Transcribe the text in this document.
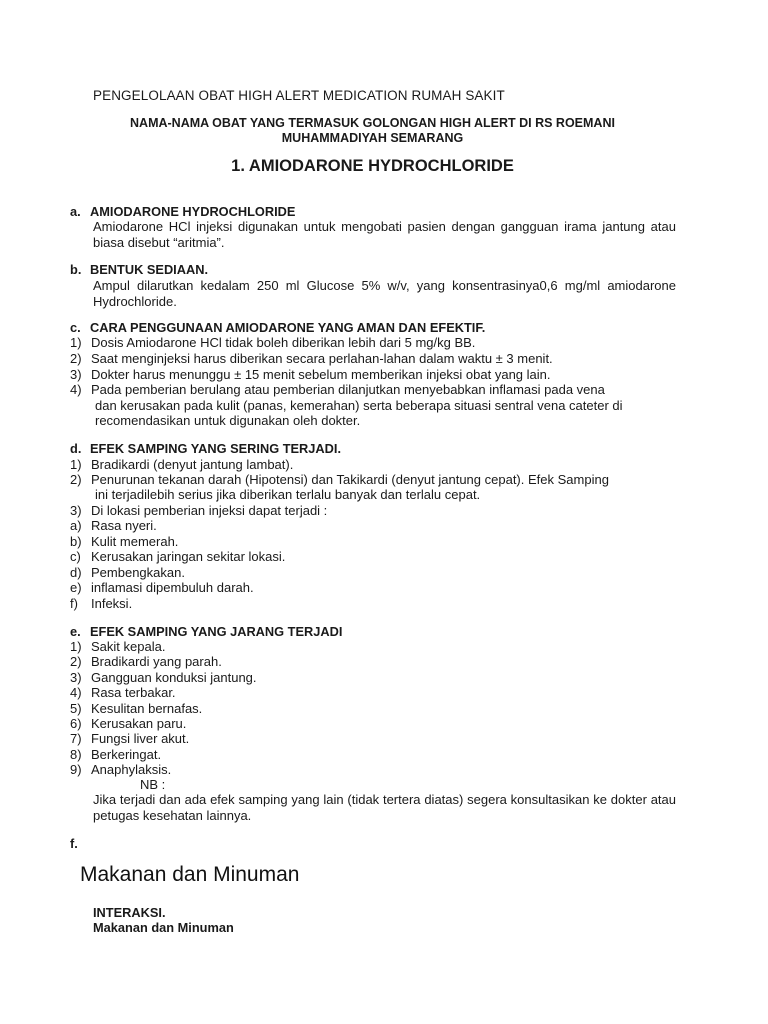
PENGELOLAAN OBAT HIGH ALERT MEDICATION RUMAH SAKIT
NAMA-NAMA OBAT YANG TERMASUK GOLONGAN HIGH ALERT DI RS ROEMANI
MUHAMMADIYAH SEMARANG
1. AMIODARONE HYDROCHLORIDE
a. AMIODARONE HYDROCHLORIDE
Amiodarone HCl injeksi digunakan untuk mengobati pasien dengan gangguan irama jantung atau biasa disebut “aritmia”.
b. BENTUK SEDIAAN.
Ampul dilarutkan kedalam 250 ml Glucose 5% w/v, yang konsentrasinya0,6 mg/ml amiodarone Hydrochloride.
c. CARA PENGGUNAAN AMIODARONE YANG AMAN DAN EFEKTIF.
1) Dosis Amiodarone HCl tidak boleh diberikan lebih dari 5 mg/kg BB.
2) Saat menginjeksi harus diberikan secara perlahan-lahan dalam waktu ± 3 menit.
3) Dokter harus menunggu ± 15 menit sebelum memberikan injeksi obat yang lain.
4) Pada pemberian berulang atau pemberian dilanjutkan menyebabkan inflamasi pada vena
dan kerusakan pada kulit (panas, kemerahan) serta beberapa situasi sentral vena cateter di
recomendasikan untuk digunakan oleh dokter.
d. EFEK SAMPING YANG SERING TERJADI.
1) Bradikardi (denyut jantung lambat).
2) Penurunan tekanan darah (Hipotensi) dan Takikardi (denyut jantung cepat). Efek Samping
ini terjadilebih serius jika diberikan terlalu banyak dan terlalu cepat.
3) Di lokasi pemberian injeksi dapat terjadi :
a) Rasa nyeri.
b) Kulit memerah.
c) Kerusakan jaringan sekitar lokasi.
d) Pembengkakan.
e) inflamasi dipembuluh darah.
f)	Infeksi.
e. EFEK SAMPING YANG JARANG TERJADI
1) Sakit kepala.
2) Bradikardi yang parah.
3) Gangguan konduksi jantung.
4) Rasa terbakar.
5) Kesulitan bernafas.
6) Kerusakan paru.
7) Fungsi liver akut.
8) Berkeringat.
9) Anaphylaksis.
NB :
Jika terjadi dan ada efek samping yang lain (tidak tertera diatas) segera konsultasikan ke dokter atau petugas kesehatan lainnya.
f.
Makanan dan Minuman
INTERAKSI.
Makanan dan Minuman
